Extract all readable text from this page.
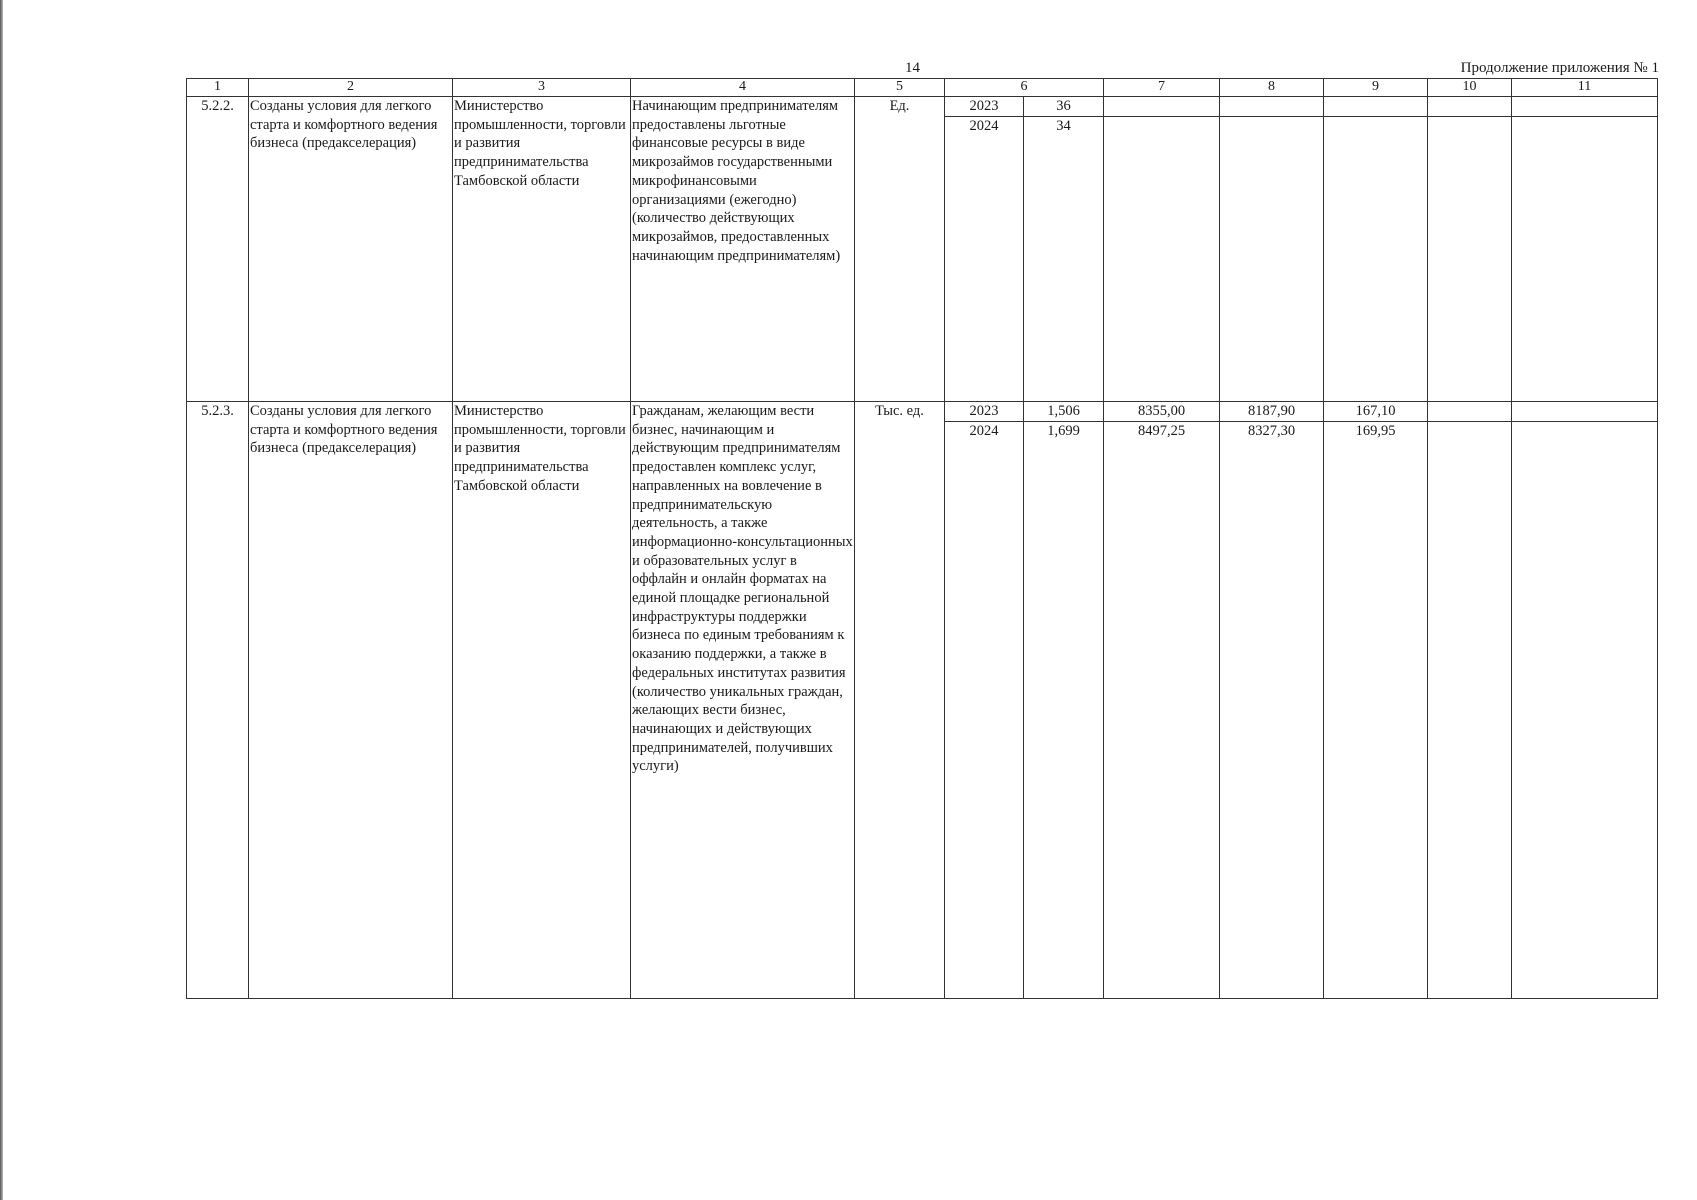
14	Продолжение приложения № 1
1	2	3	4	5	6		7	8	9	10	11
5.2.2.	Созданы условия для легкого старта и комфортного ведения бизнеса (предакселерация)	Министерство промышленности, торговли и развития предпринимательства Тамбовской области	Начинающим предпринимателям предоставлены льготные финансовые ресурсы в виде микрозаймов государственными микрофинансовыми организациями (ежегодно) (количество действующих микрозаймов, предоставленных начинающим предпринимателям)	Ед.	2023	36					
					2024	34					

5.2.3.	Созданы условия для легкого старта и комфортного ведения бизнеса (предакселерация)	Министерство промышленности, торговли и развития предпринимательства Тамбовской области	Гражданам, желающим вести бизнес, начинающим и действующим предпринимателям предоставлен комплекс услуг, направленных на вовлечение в предпринимательскую деятельность, а также информационно-консультационных и образовательных услуг в оффлайн и онлайн форматах на единой площадке региональной инфраструктуры поддержки бизнеса по единым требованиям к оказанию поддержки, а также в федеральных институтах развития (количество уникальных граждан, желающих вести бизнес, начинающих и действующих предпринимателей, получивших услуги)	Тыс. ед.	2023	1,506	8355,00	8187,90	167,10		
					2024	1,699	8497,25	8327,30	169,95		
